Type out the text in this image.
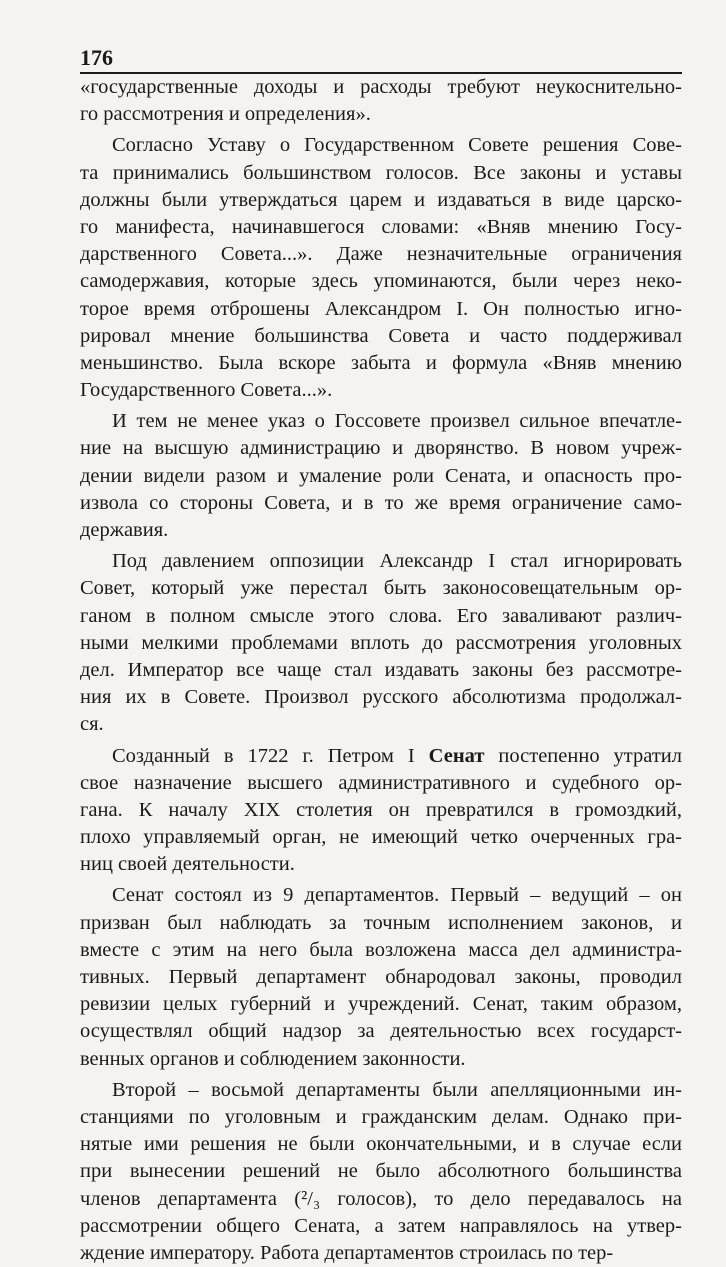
176
«государственные доходы и расходы требуют неукоснительно-
го рассмотрения и определения».
Согласно Уставу о Государственном Совете решения Сове-
та принимались большинством голосов. Все законы и уставы
должны были утверждаться царем и издаваться в виде царско-
го манифеста, начинавшегося словами: «Вняв мнению Госу-
дарственного Совета...». Даже незначительные ограничения
самодержавия, которые здесь упоминаются, были через неко-
торое время отброшены Александром I. Он полностью игно-
рировал мнение большинства Совета и часто поддерживал
меньшинство. Была вскоре забыта и формула «Вняв мнению
Государственного Совета...».
И тем не менее указ о Госсовете произвел сильное впечатле-
ние на высшую администрацию и дворянство. В новом учреж-
дении видели разом и умаление роли Сената, и опасность про-
извола со стороны Совета, и в то же время ограничение само-
державия.
Под давлением оппозиции Александр I стал игнорировать
Совет, который уже перестал быть законосовещательным ор-
ганом в полном смысле этого слова. Его заваливают различ-
ными мелкими проблемами вплоть до рассмотрения уголовных
дел. Император все чаще стал издавать законы без рассмотре-
ния их в Совете. Произвол русского абсолютизма продолжал-
ся.
Созданный в 1722 г. Петром I Сенат постепенно утратил
свое назначение высшего административного и судебного ор-
гана. К началу XIX столетия он превратился в громоздкий,
плохо управляемый орган, не имеющий четко очерченных гра-
ниц своей деятельности.
Сенат состоял из 9 департаментов. Первый – ведущий – он
призван был наблюдать за точным исполнением законов, и
вместе с этим на него была возложена масса дел администра-
тивных. Первый департамент обнародовал законы, проводил
ревизии целых губерний и учреждений. Сенат, таким образом,
осуществлял общий надзор за деятельностью всех государст-
венных органов и соблюдением законности.
Второй – восьмой департаменты были апелляционными ин-
станциями по уголовным и гражданским делам. Однако при-
нятые ими решения не были окончательными, и в случае если
при вынесении решений не было абсолютного большинства
членов департамента (²/₃ голосов), то дело передавалось на
рассмотрении общего Сената, а затем направлялось на утвер-
ждение императору. Работа департаментов строилась по тер-
